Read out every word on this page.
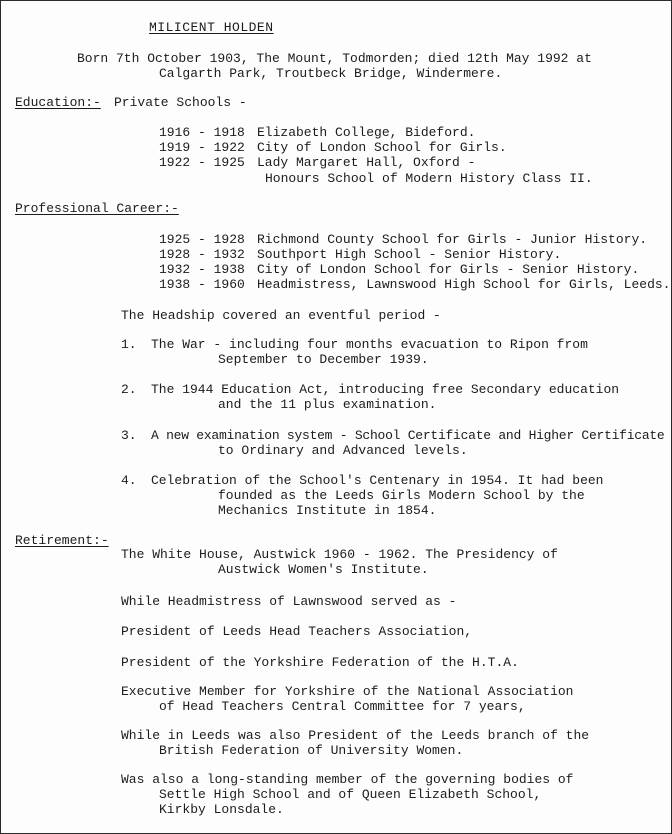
MILICENT HOLDEN
Born 7th October 1903, The Mount, Todmorden; died 12th May 1992 at
Calgarth Park, Troutbeck Bridge, Windermere.
Education:- Private Schools -
1916 - 1918 Elizabeth College, Bideford.
1919 - 1922 City of London School for Girls.
1922 - 1925 Lady Margaret Hall, Oxford -
Honours School of Modern History Class II.
Professional Career:-
1925 - 1928 Richmond County School for Girls - Junior History.
1928 - 1932 Southport High School - Senior History.
1932 - 1938 City of London School for Girls - Senior History.
1938 - 1960 Headmistress, Lawnswood High School for Girls, Leeds.
The Headship covered an eventful period -
1. The War - including four months evacuation to Ripon from
September to December 1939.
2. The 1944 Education Act, introducing free Secondary education
and the 11 plus examination.
3. A new examination system - School Certificate and Higher Certificate
to Ordinary and Advanced levels.
4. Celebration of the School's Centenary in 1954. It had been
founded as the Leeds Girls Modern School by the
Mechanics Institute in 1854.
Retirement:-
The White House, Austwick 1960 - 1962. The Presidency of
Austwick Women's Institute.
While Headmistress of Lawnswood served as -
President of Leeds Head Teachers Association,
President of the Yorkshire Federation of the H.T.A.
Executive Member for Yorkshire of the National Association
of Head Teachers Central Committee for 7 years,
While in Leeds was also President of the Leeds branch of the
British Federation of University Women.
Was also a long-standing member of the governing bodies of
Settle High School and of Queen Elizabeth School,
Kirkby Lonsdale.
